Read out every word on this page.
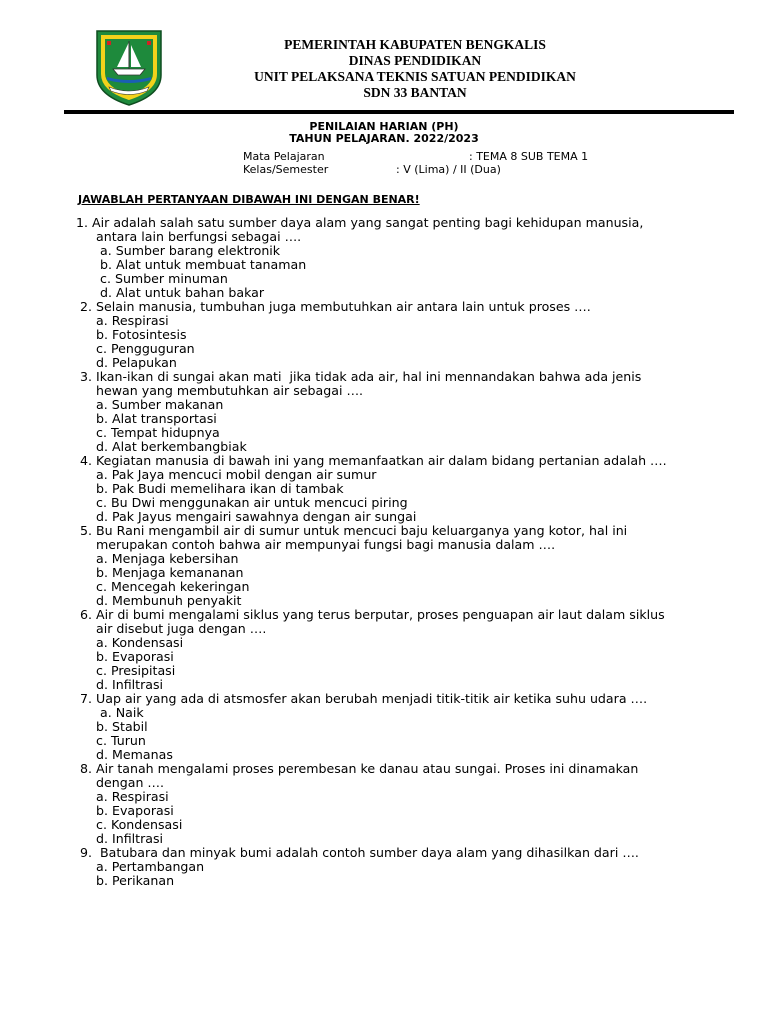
PEMERINTAH KABUPATEN BENGKALIS
DINAS PENDIDIKAN
UNIT PELAKSANA TEKNIS SATUAN PENDIDIKAN
SDN 33 BANTAN
PENILAIAN HARIAN (PH)
TAHUN PELAJARAN. 2022/2023
Mata Pelajaran	: TEMA 8 SUB TEMA 1
Kelas/Semester	: V (Lima) / II (Dua)
JAWABLAH PERTANYAAN DIBAWAH INI DENGAN BENAR!
1. Air adalah salah satu sumber daya alam yang sangat penting bagi kehidupan manusia,
antara lain berfungsi sebagai ….
a. Sumber barang elektronik
b. Alat untuk membuat tanaman
c. Sumber minuman
d. Alat untuk bahan bakar
2. Selain manusia, tumbuhan juga membutuhkan air antara lain untuk proses ….
a. Respirasi
b. Fotosintesis
c. Pengguguran
d. Pelapukan
3. Ikan-ikan di sungai akan mati  jika tidak ada air, hal ini mennandakan bahwa ada jenis
hewan yang membutuhkan air sebagai ….
a. Sumber makanan
b. Alat transportasi
c. Tempat hidupnya
d. Alat berkembangbiak
4. Kegiatan manusia di bawah ini yang memanfaatkan air dalam bidang pertanian adalah ….
a. Pak Jaya mencuci mobil dengan air sumur
b. Pak Budi memelihara ikan di tambak
c. Bu Dwi menggunakan air untuk mencuci piring
d. Pak Jayus mengairi sawahnya dengan air sungai
5. Bu Rani mengambil air di sumur untuk mencuci baju keluarganya yang kotor, hal ini
merupakan contoh bahwa air mempunyai fungsi bagi manusia dalam ….
a. Menjaga kebersihan
b. Menjaga kemananan
c. Mencegah kekeringan
d. Membunuh penyakit
6. Air di bumi mengalami siklus yang terus berputar, proses penguapan air laut dalam siklus
air disebut juga dengan ….
a. Kondensasi
b. Evaporasi
c. Presipitasi
d. Infiltrasi
7. Uap air yang ada di atsmosfer akan berubah menjadi titik-titik air ketika suhu udara ….
a. Naik
b. Stabil
c. Turun
d. Memanas
8. Air tanah mengalami proses perembesan ke danau atau sungai. Proses ini dinamakan
dengan ….
a. Respirasi
b. Evaporasi
c. Kondensasi
d. Infiltrasi
9.  Batubara dan minyak bumi adalah contoh sumber daya alam yang dihasilkan dari ….
a. Pertambangan
b. Perikanan
